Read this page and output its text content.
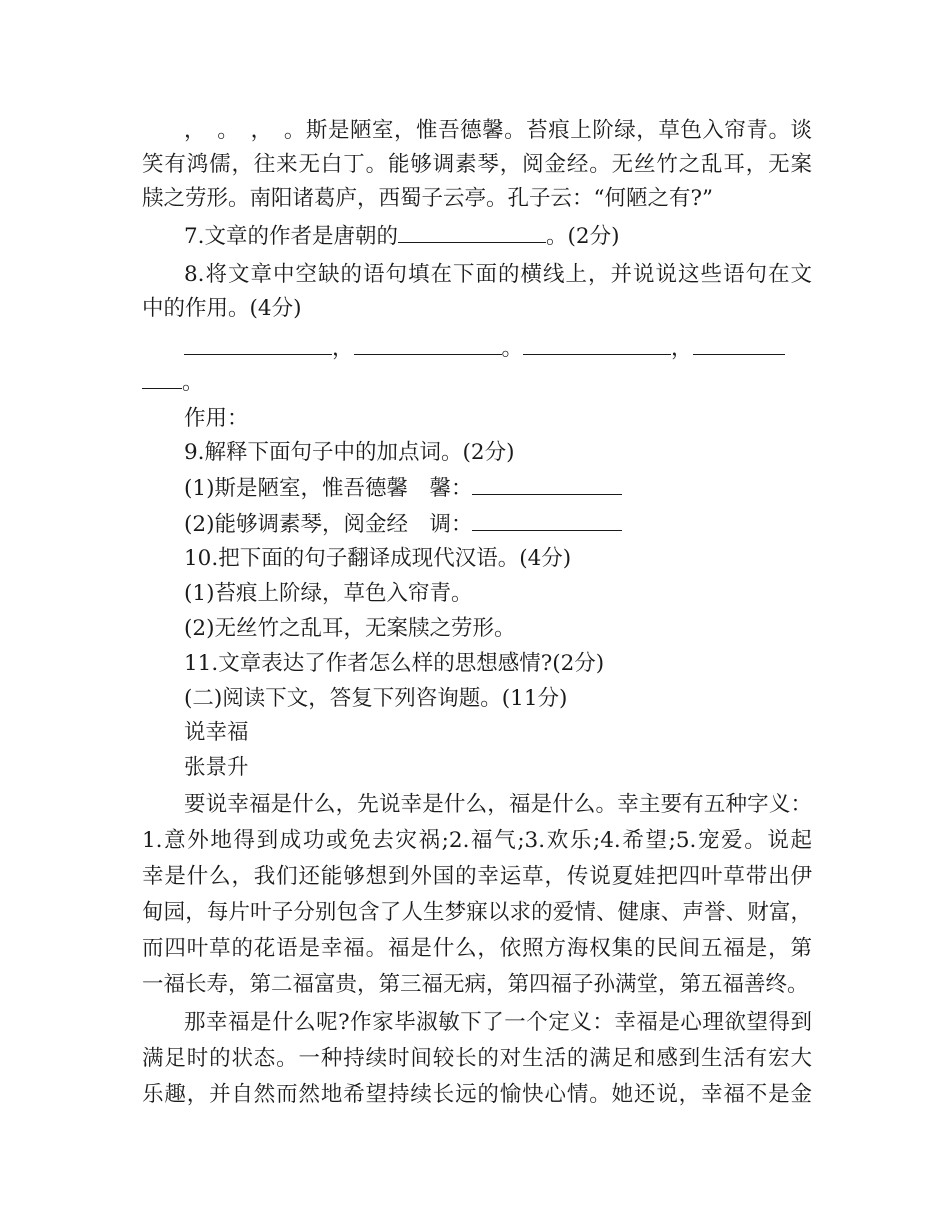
，　。　，　。斯是陋室，惟吾德馨。苔痕上阶绿，草色入帘青。谈
笑有鸿儒，往来无白丁。能够调素琴，阅金经。无丝竹之乱耳，无案
牍之劳形。南阳诸葛庐，西蜀子云亭。孔子云：“何陋之有?”
7.文章的作者是唐朝的	。(2分)
8.将文章中空缺的语句填在下面的横线上，并说说这些语句在文
中的作用。(4分)
，	。	，
。
作用：
9.解释下面句子中的加点词。(2分)
(1)斯是陋室，惟吾德馨　馨：
(2)能够调素琴，阅金经　调：
10.把下面的句子翻译成现代汉语。(4分)
(1)苔痕上阶绿，草色入帘青。
(2)无丝竹之乱耳，无案牍之劳形。
11.文章表达了作者怎么样的思想感情?(2分)
(二)阅读下文，答复下列咨询题。(11分)
说幸福
张景升
要说幸福是什么，先说幸是什么，福是什么。幸主要有五种字义：
1.意外地得到成功或免去灾祸;2.福气;3.欢乐;4.希望;5.宠爱。说起
幸是什么，我们还能够想到外国的幸运草，传说夏娃把四叶草带出伊
甸园，每片叶子分别包含了人生梦寐以求的爱情、健康、声誉、财富，
而四叶草的花语是幸福。福是什么，依照方海权集的民间五福是，第
一福长寿，第二福富贵，第三福无病，第四福子孙满堂，第五福善终。
那幸福是什么呢?作家毕淑敏下了一个定义：幸福是心理欲望得到
满足时的状态。一种持续时间较长的对生活的满足和感到生活有宏大
乐趣，并自然而然地希望持续长远的愉快心情。她还说，幸福不是金
